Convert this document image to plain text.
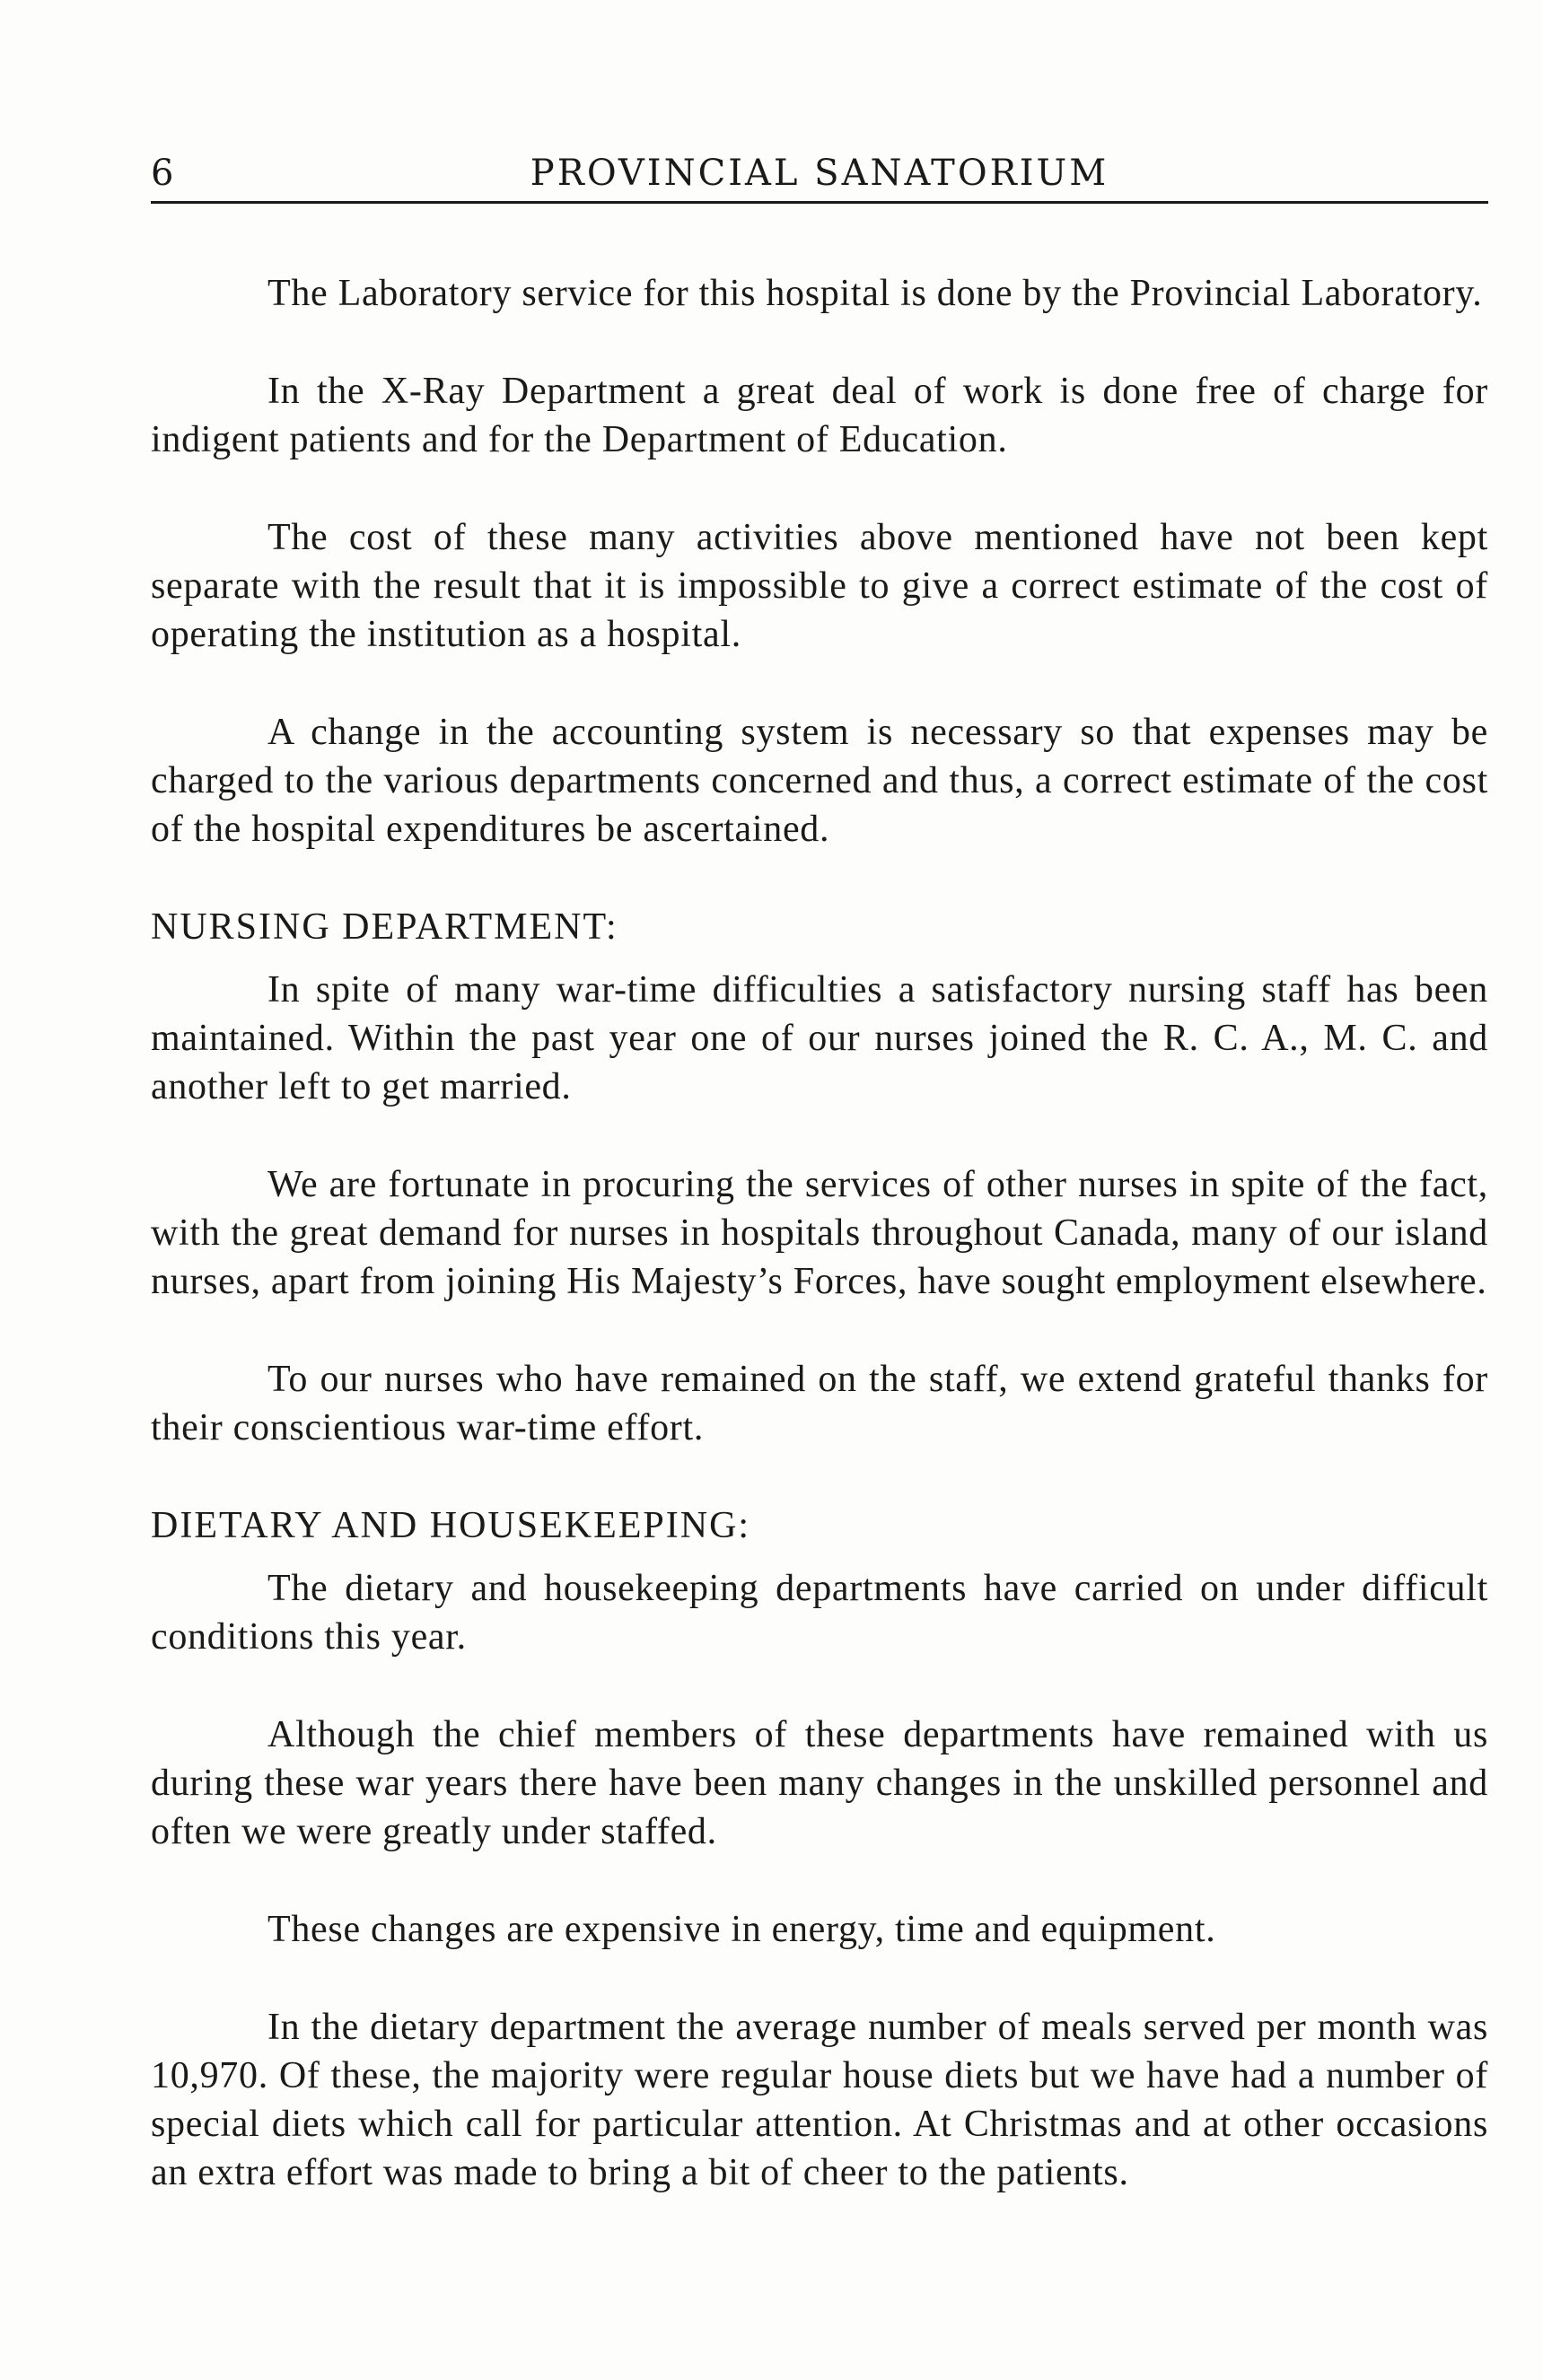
6	PROVINCIAL SANATORIUM

The Laboratory service for this hospital is done by the Provincial Laboratory.

In the X-Ray Department a great deal of work is done free of charge for indigent patients and for the Department of Education.

The cost of these many activities above mentioned have not been kept separate with the result that it is impossible to give a correct estimate of the cost of operating the institution as a hospital.

A change in the accounting system is necessary so that expenses may be charged to the various departments concerned and thus, a correct estimate of the cost of the hospital expenditures be ascertained.

NURSING DEPARTMENT:

In spite of many war-time difficulties a satisfactory nursing staff has been maintained. Within the past year one of our nurses joined the R. C. A., M. C. and another left to get married.

We are fortunate in procuring the services of other nurses in spite of the fact, with the great demand for nurses in hospitals throughout Canada, many of our island nurses, apart from joining His Majesty’s Forces, have sought employment elsewhere.

To our nurses who have remained on the staff, we extend grateful thanks for their conscientious war-time effort.

DIETARY AND HOUSEKEEPING:

The dietary and housekeeping departments have carried on under difficult conditions this year.

Although the chief members of these departments have remained with us during these war years there have been many changes in the unskilled personnel and often we were greatly under staffed.

These changes are expensive in energy, time and equipment.

In the dietary department the average number of meals served per month was 10,970. Of these, the majority were regular house diets but we have had a number of special diets which call for particular attention. At Christmas and at other occasions an extra effort was made to bring a bit of cheer to the patients.
